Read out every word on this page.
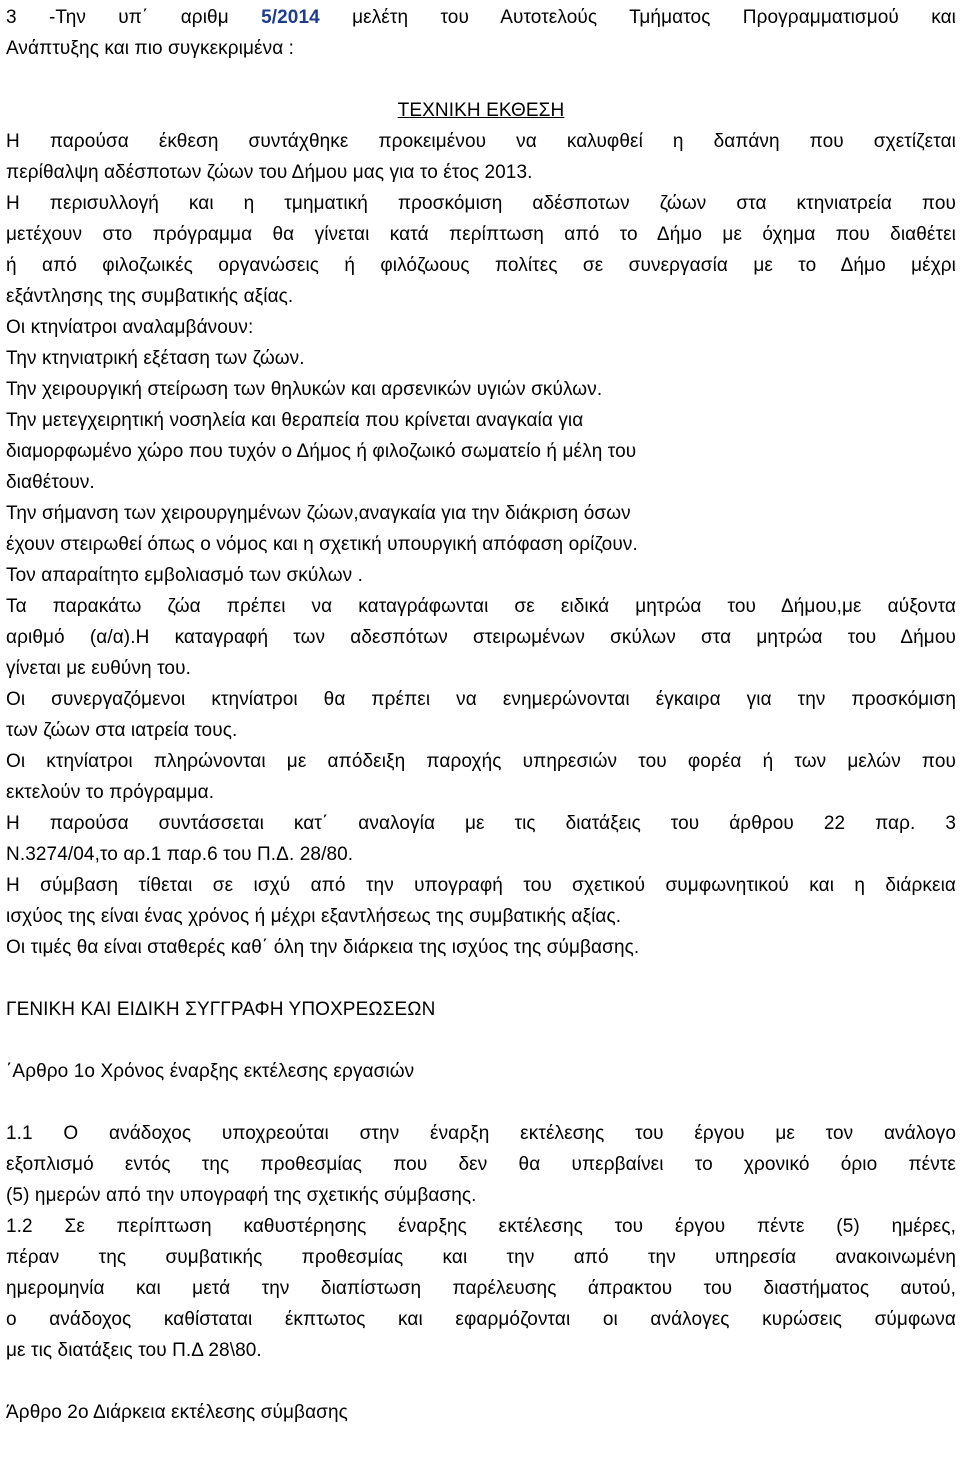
3 -Την υπ΄ αριθμ 5/2014 μελέτη του Αυτοτελούς Τμήματος Προγραμματισμού και
Ανάπτυξης και πιο συγκεκριμένα :
ΤΕΧΝΙΚΗ ΕΚΘΕΣΗ
Η παρούσα έκθεση συντάχθηκε προκειμένου να καλυφθεί η δαπάνη που σχετίζεται
περίθαλψη αδέσποτων ζώων του Δήμου μας για το έτος 2013.
Η περισυλλογή και η τμηματική προσκόμιση αδέσποτων ζώων στα κτηνιατρεία που
μετέχουν στο πρόγραμμα θα γίνεται κατά περίπτωση από το Δήμο με όχημα που διαθέτει
ή από φιλοζωικές οργανώσεις ή φιλόζωους πολίτες σε συνεργασία με το Δήμο μέχρι
εξάντλησης της συμβατικής αξίας.
Οι κτηνίατροι αναλαμβάνουν:
Την κτηνιατρική εξέταση των ζώων.
Την χειρουργική στείρωση των θηλυκών και αρσενικών υγιών σκύλων.
Την μετεγχειρητική νοσηλεία και θεραπεία που κρίνεται αναγκαία για
διαμορφωμένο χώρο που τυχόν ο Δήμος ή φιλοζωικό σωματείο ή μέλη του
διαθέτουν.
Την σήμανση των χειρουργημένων ζώων,αναγκαία για την διάκριση όσων
έχουν στειρωθεί όπως ο νόμος και η σχετική υπουργική απόφαση ορίζουν.
Τον απαραίτητο εμβολιασμό των σκύλων .
Τα παρακάτω ζώα πρέπει να καταγράφωνται σε ειδικά μητρώα του Δήμου,με αύξοντα
αριθμό (α/α).Η καταγραφή των αδεσπότων στειρωμένων σκύλων στα μητρώα του Δήμου
γίνεται με ευθύνη του.
Οι συνεργαζόμενοι κτηνίατροι θα πρέπει να ενημερώνονται έγκαιρα για την προσκόμιση
των ζώων στα ιατρεία τους.
Οι κτηνίατροι πληρώνονται με απόδειξη παροχής υπηρεσιών του φορέα ή των μελών που
εκτελούν το πρόγραμμα.
Η παρούσα συντάσσεται κατ΄ αναλογία με τις διατάξεις του άρθρου 22 παρ. 3
Ν.3274/04,το αρ.1 παρ.6 του Π.Δ. 28/80.
Η σύμβαση τίθεται σε ισχύ από την υπογραφή του σχετικού συμφωνητικού και η διάρκεια
ισχύος της είναι ένας χρόνος ή μέχρι εξαντλήσεως της συμβατικής αξίας.
Οι τιμές θα είναι σταθερές καθ΄ όλη την διάρκεια της ισχύος της σύμβασης.
ΓΕΝΙΚΗ ΚΑΙ ΕΙΔΙΚΗ ΣΥΓΓΡΑΦΗ ΥΠΟΧΡΕΩΣΕΩΝ
΄Αρθρο 1ο Χρόνος έναρξης εκτέλεσης εργασιών
1.1 Ο ανάδοχος υποχρεούται στην έναρξη εκτέλεσης του έργου με τον ανάλογο
εξοπλισμό εντός της προθεσμίας που δεν θα υπερβαίνει το χρονικό όριο πέντε
(5) ημερών από την υπογραφή της σχετικής σύμβασης.
1.2 Σε περίπτωση καθυστέρησης έναρξης εκτέλεσης του έργου πέντε (5) ημέρες,
πέραν της συμβατικής προθεσμίας και την από την υπηρεσία ανακοινωμένη
ημερομηνία και μετά την διαπίστωση παρέλευσης άπρακτου του διαστήματος αυτού,
ο ανάδοχος καθίσταται έκπτωτος και εφαρμόζονται οι ανάλογες κυρώσεις σύμφωνα
με τις διατάξεις του Π.Δ 28\80.
Άρθρο 2ο Διάρκεια εκτέλεσης σύμβασης
